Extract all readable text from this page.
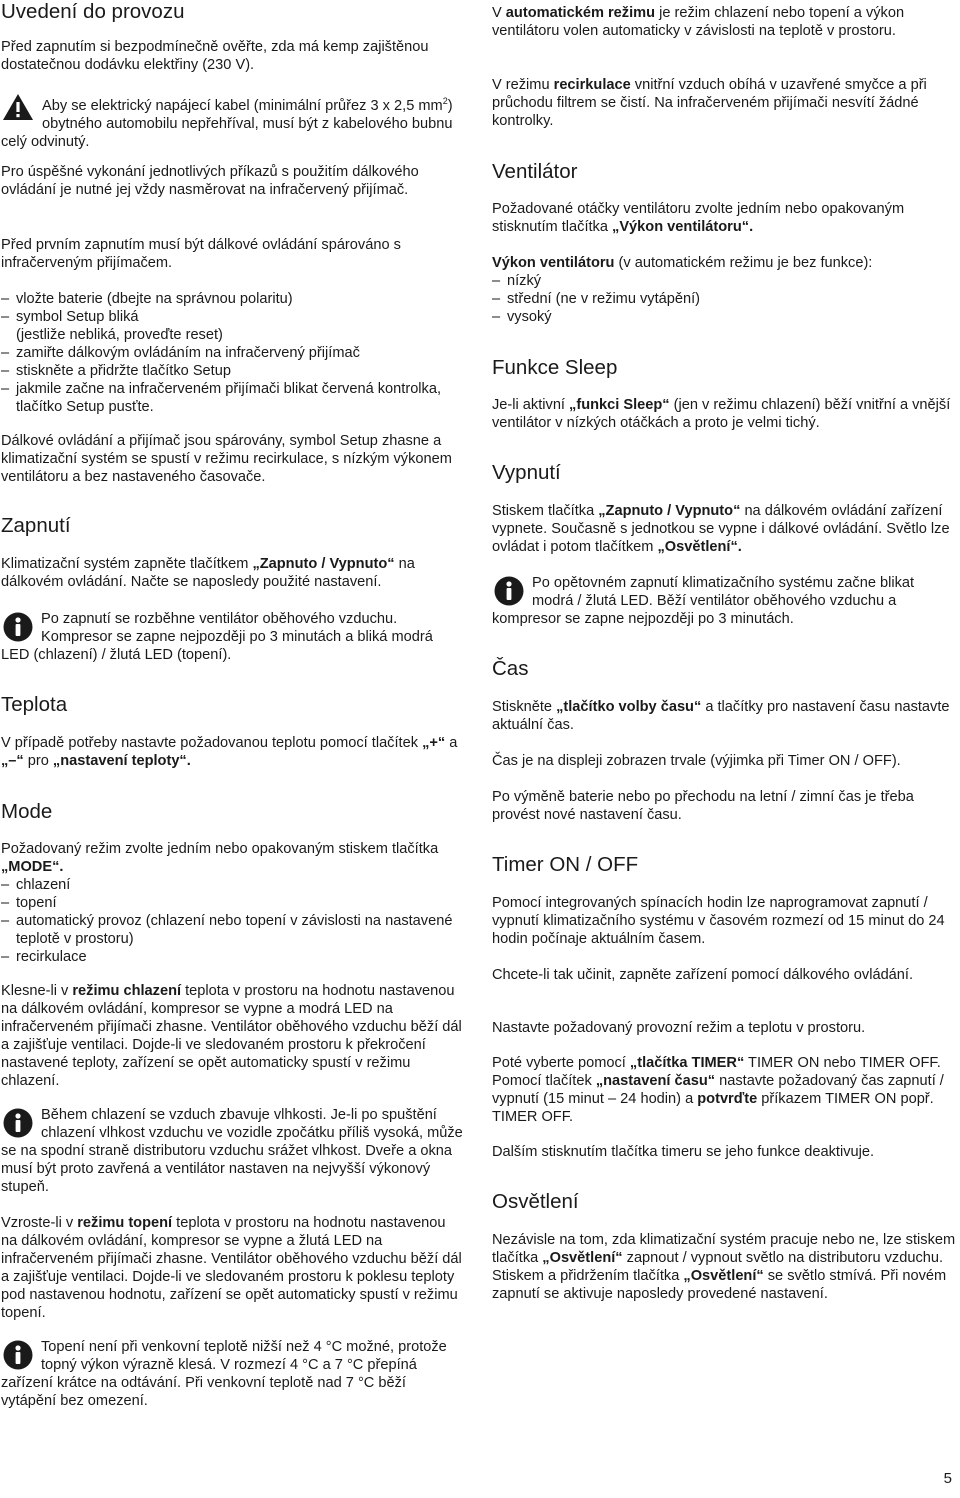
Uvedení do provozu

Před zapnutím si bezpodmínečně ověřte, zda má kemp zajištěnou dostatečnou dodávku elektřiny (230 V).

Aby se elektrický napájecí kabel (minimální průřez 3 x 2,5 $mm^2$) obytného automobilu nepřehříval, musí být z kabelového bubnu celý odvinutý.

Pro úspěšné vykonání jednotlivých příkazů s použitím dálkového ovládání je nutné jej vždy nasměrovat na infračervený přijímač.

Před prvním zapnutím musí být dálkové ovládání spárováno s infračerveným přijímačem.

– vložte baterie (dbejte na správnou polaritu)
– symbol Setup bliká
(jestliže nebliká, proveďte reset)
– zamiřte dálkovým ovládáním na infračervený přijímač
– stiskněte a přidržte tlačítko Setup
– jakmile začne na infračerveném přijímači blikat červená kontrolka, tlačítko Setup pusťte.

Dálkové ovládání a přijímač jsou spárovány, symbol Setup zhasne a klimatizační systém se spustí v režimu recirkulace, s nízkým výkonem ventilátoru a bez nastaveného časovače.

Zapnutí

Klimatizační systém zapněte tlačítkem „Zapnuto / Vypnuto“ na dálkovém ovládání. Načte se naposledy použité nastavení.

Po zapnutí se rozběhne ventilátor oběhového vzduchu. Kompresor se zapne nejpozději po 3 minutách a bliká modrá LED (chlazení) / žlutá LED (topení).
Teplota

V případě potřeby nastavte požadovanou teplotu pomocí tlačítek „+“ a „–“ pro „nastavení teploty“.

Mode

Požadovaný režim zvolte jedním nebo opakovaným stiskem tlačítka „MODE“.

– chlazení
– topení
– automatický provoz (chlazení nebo topení v závislosti na nastavené teplotě v prostoru)
– recirkulace

Klesne-li v režimu chlazení teplota v prostoru na hodnotu nastavenou na dálkovém ovládání, kompresor se vypne a modrá LED na infračerveném přijímači zhasne. Ventilátor oběhového vzduchu běží dál a zajišťuje ventilaci. Dojde-li ve sledovaném prostoru k překročení nastavené teploty, zařízení se opět automaticky spustí v režimu chlazení.

Během chlazení se vzduch zbavuje vlhkosti. Je-li po spuštění chlazení vlhkost vzduchu ve vozidle zpočátku příliš vysoká, může se na spodní straně distributoru vzduchu srážet vlhkost. Dveře a okna musí být proto zavřená a ventilátor nastaven na nejvyšší výkonový stupeň.

Vzroste-li v režimu topení teplota v prostoru na hodnotu nastavenou na dálkovém ovládání, kompresor se vypne a žlutá LED na infračerveném přijímači zhasne. Ventilátor oběhového vzduchu běží dál a zajišťuje ventilaci. Dojde-li ve sledovaném prostoru k poklesu teploty pod nastavenou hodnotu, zařízení se opět automaticky spustí v režimu topení.

Topení není při venkovní teplotě nižší než 4 °C možné, protože topný výkon výrazně klesá. V rozmezí 4 °C a 7 °C přepíná zařízení krátce na odtávání. Při venkovní teplotě nad 7 °C běží vytápění bez omezení.

V automatickém režimu je režim chlazení nebo topení a výkon ventilátoru volen automaticky v závislosti na teplotě v prostoru.

V režimu recirkulace vnitřní vzduch obíhá v uzavřené smyčce a při průchodu filtrem se čistí. Na infračerveném přijímači nesvítí žádné kontrolky.

Ventilátor

Požadované otáčky ventilátoru zvolte jedním nebo opakovaným stisknutím tlačítka „Výkon ventilátoru“.

Výkon ventilátoru (v automatickém režimu je bez funkce):

– nízký
– střední (ne v režimu vytápění)
– vysoký
Funkce Sleep

Je-li aktivní „funkci Sleep“ (jen v režimu chlazení) běží vnitřní a vnější ventilátor v nízkých otáčkách a proto je velmi tichý.

Vypnutí

Stiskem tlačítka „Zapnuto / Vypnuto“ na dálkovém ovládání zařízení vypnete. Současně s jednotkou se vypne i dálkové ovládání. Světlo lze ovládat i potom tlačítkem „Osvětlení“.

Po opětovném zapnutí klimatizačního systému začne blikat modrá / žlutá LED. Běží ventilátor oběhového vzduchu a kompresor se zapne nejpozději po 3 minutách.
Čas

Stiskněte „tlačítko volby času“ a tlačítky pro nastavení času nastavte aktuální čas.

Čas je na displeji zobrazen trvale (výjimka při Timer ON / OFF).

Po výměně baterie nebo po přechodu na letní / zimní čas je třeba provést nové nastavení času.

Timer ON / OFF

Pomocí integrovaných spínacích hodin lze naprogramovat zapnutí / vypnutí klimatizačního systému v časovém rozmezí od 15 minut do 24 hodin počínaje aktuálním časem.

Chcete-li tak učinit, zapněte zařízení pomocí dálkového ovládání.

Nastavte požadovaný provozní režim a teplotu v prostoru.

Poté vyberte pomocí „tlačítka TIMER“ TIMER ON nebo TIMER OFF. Pomocí tlačítek „nastavení času“ nastavte požadovaný čas zapnutí / vypnutí (15 minut – 24 hodin) a potvrďte příkazem TIMER ON popř. TIMER OFF.

Dalším stisknutím tlačítka timeru se jeho funkce deaktivuje.

Osvětlení

Nezávisle na tom, zda klimatizační systém pracuje nebo ne, lze stiskem tlačítka „Osvětlení“ zapnout / vypnout světlo na distributoru vzduchu. Stiskem a přidržením tlačítka „Osvětlení“ se světlo stmívá. Při novém zapnutí se aktivuje naposledy provedené nastavení.

5
